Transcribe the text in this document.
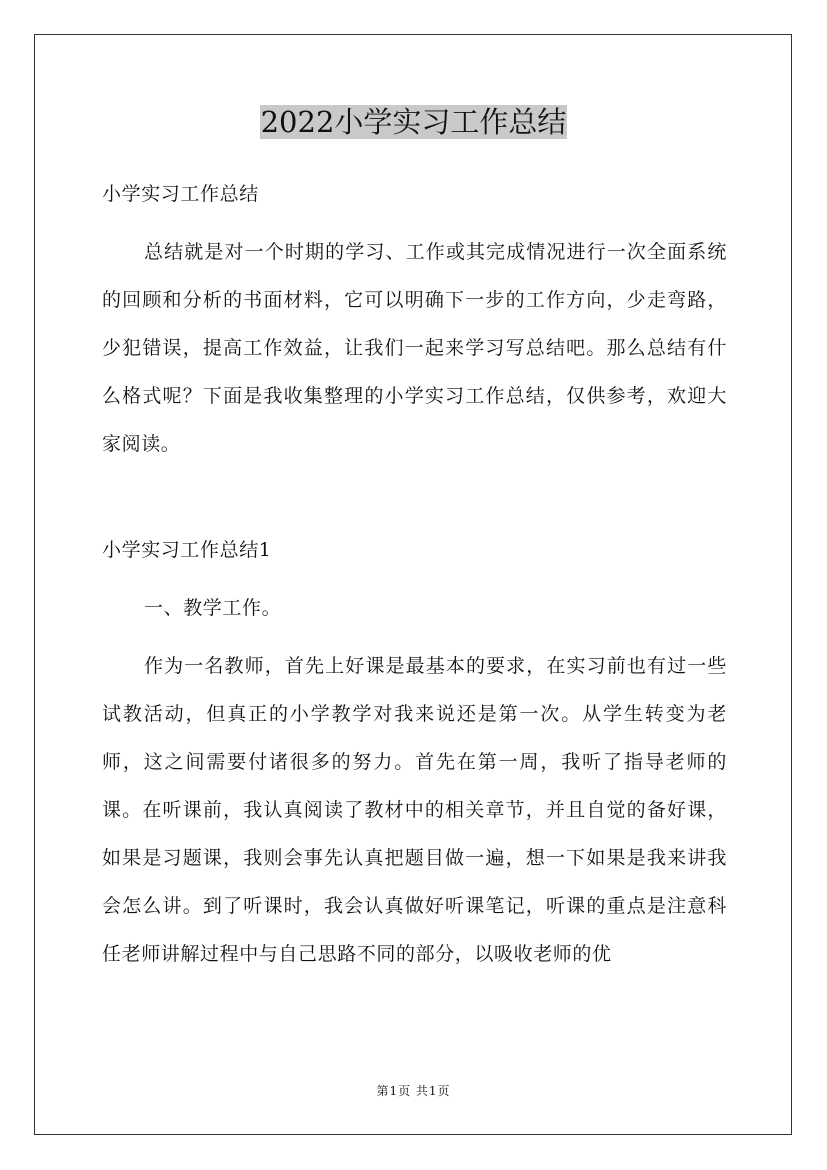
2022小学实习工作总结

小学实习工作总结

总结就是对一个时期的学习、工作或其完成情况进行一次全面系统的回顾和分析的书面材料，它可以明确下一步的工作方向，少走弯路，少犯错误，提高工作效益，让我们一起来学习写总结吧。那么总结有什么格式呢？下面是我收集整理的小学实习工作总结，仅供参考，欢迎大家阅读。

小学实习工作总结1

一、教学工作。

作为一名教师，首先上好课是最基本的要求，在实习前也有过一些试教活动，但真正的小学教学对我来说还是第一次。从学生转变为老师，这之间需要付诸很多的努力。首先在第一周，我听了指导老师的课。在听课前，我认真阅读了教材中的相关章节，并且自觉的备好课，如果是习题课，我则会事先认真把题目做一遍，想一下如果是我来讲我会怎么讲。到了听课时，我会认真做好听课笔记，听课的重点是注意科任老师讲解过程中与自己思路不同的部分，以吸收老师的优

第1页 共1页
